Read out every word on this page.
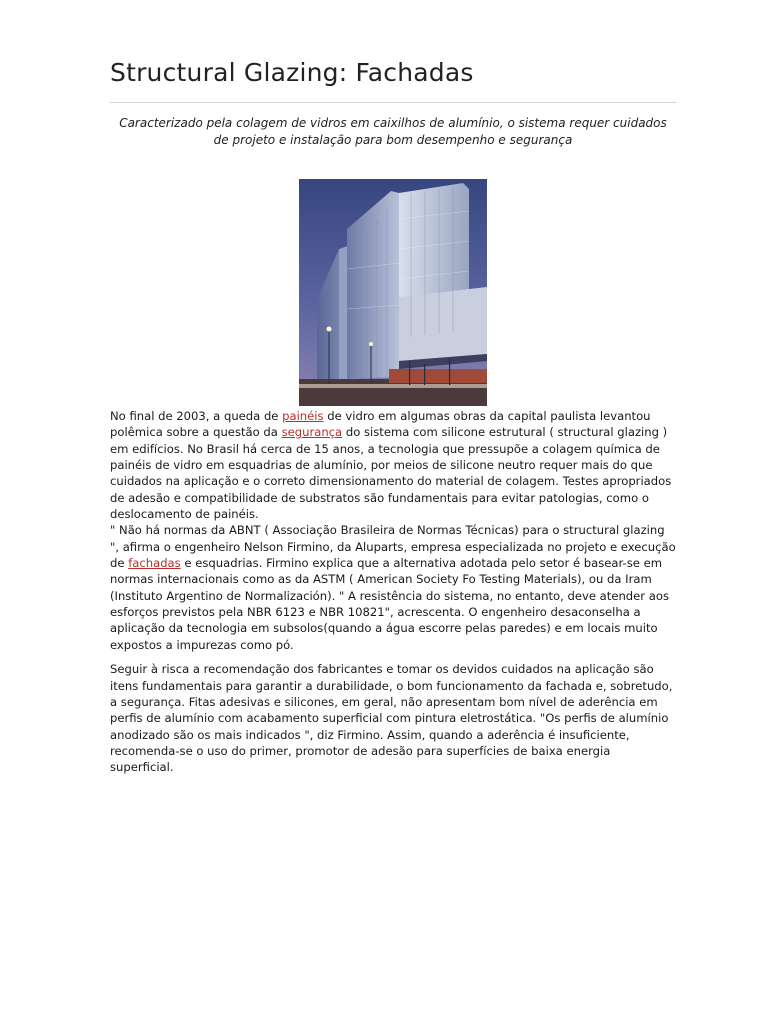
Structural Glazing: Fachadas

Caracterizado pela colagem de vidros em caixilhos de alumínio, o sistema requer cuidados de projeto e instalação para bom desempenho e segurança

No final de 2003, a queda de painéis de vidro em algumas obras da capital paulista levantou polêmica sobre a questão da segurança do sistema com silicone estrutural ( structural glazing ) em edifícios. No Brasil há cerca de 15 anos, a tecnologia que pressupõe a colagem química de painéis de vidro em esquadrias de alumínio, por meios de silicone neutro requer mais do que cuidados na aplicação e o correto dimensionamento do material de colagem. Testes apropriados de adesão e compatibilidade de substratos são fundamentais para evitar patologias, como o deslocamento de painéis.

" Não há normas da ABNT ( Associação Brasileira de Normas Técnicas) para o structural glazing ", afirma o engenheiro Nelson Firmino, da Aluparts, empresa especializada no projeto e execução de fachadas e esquadrias. Firmino explica que a alternativa adotada pelo setor é basear-se em normas internacionais como as da ASTM ( American Society Fo Testing Materials), ou da Iram (Instituto Argentino de Normalización). " A resistência do sistema, no entanto, deve atender aos esforços previstos pela NBR 6123 e NBR 10821", acrescenta. O engenheiro desaconselha a aplicação da tecnologia em subsolos(quando a água escorre pelas paredes) e em locais muito expostos a impurezas como pó.

Seguir à risca a recomendação dos fabricantes e tomar os devidos cuidados na aplicação são itens fundamentais para garantir a durabilidade, o bom funcionamento da fachada e, sobretudo, a segurança. Fitas adesivas e silicones, em geral, não apresentam bom nível de aderência em perfis de alumínio com acabamento superficial com pintura eletrostática. "Os perfis de alumínio anodizado são os mais indicados ", diz Firmino. Assim, quando a aderência é insuficiente, recomenda-se o uso do primer, promotor de adesão para superfícies de baixa energia superficial.
